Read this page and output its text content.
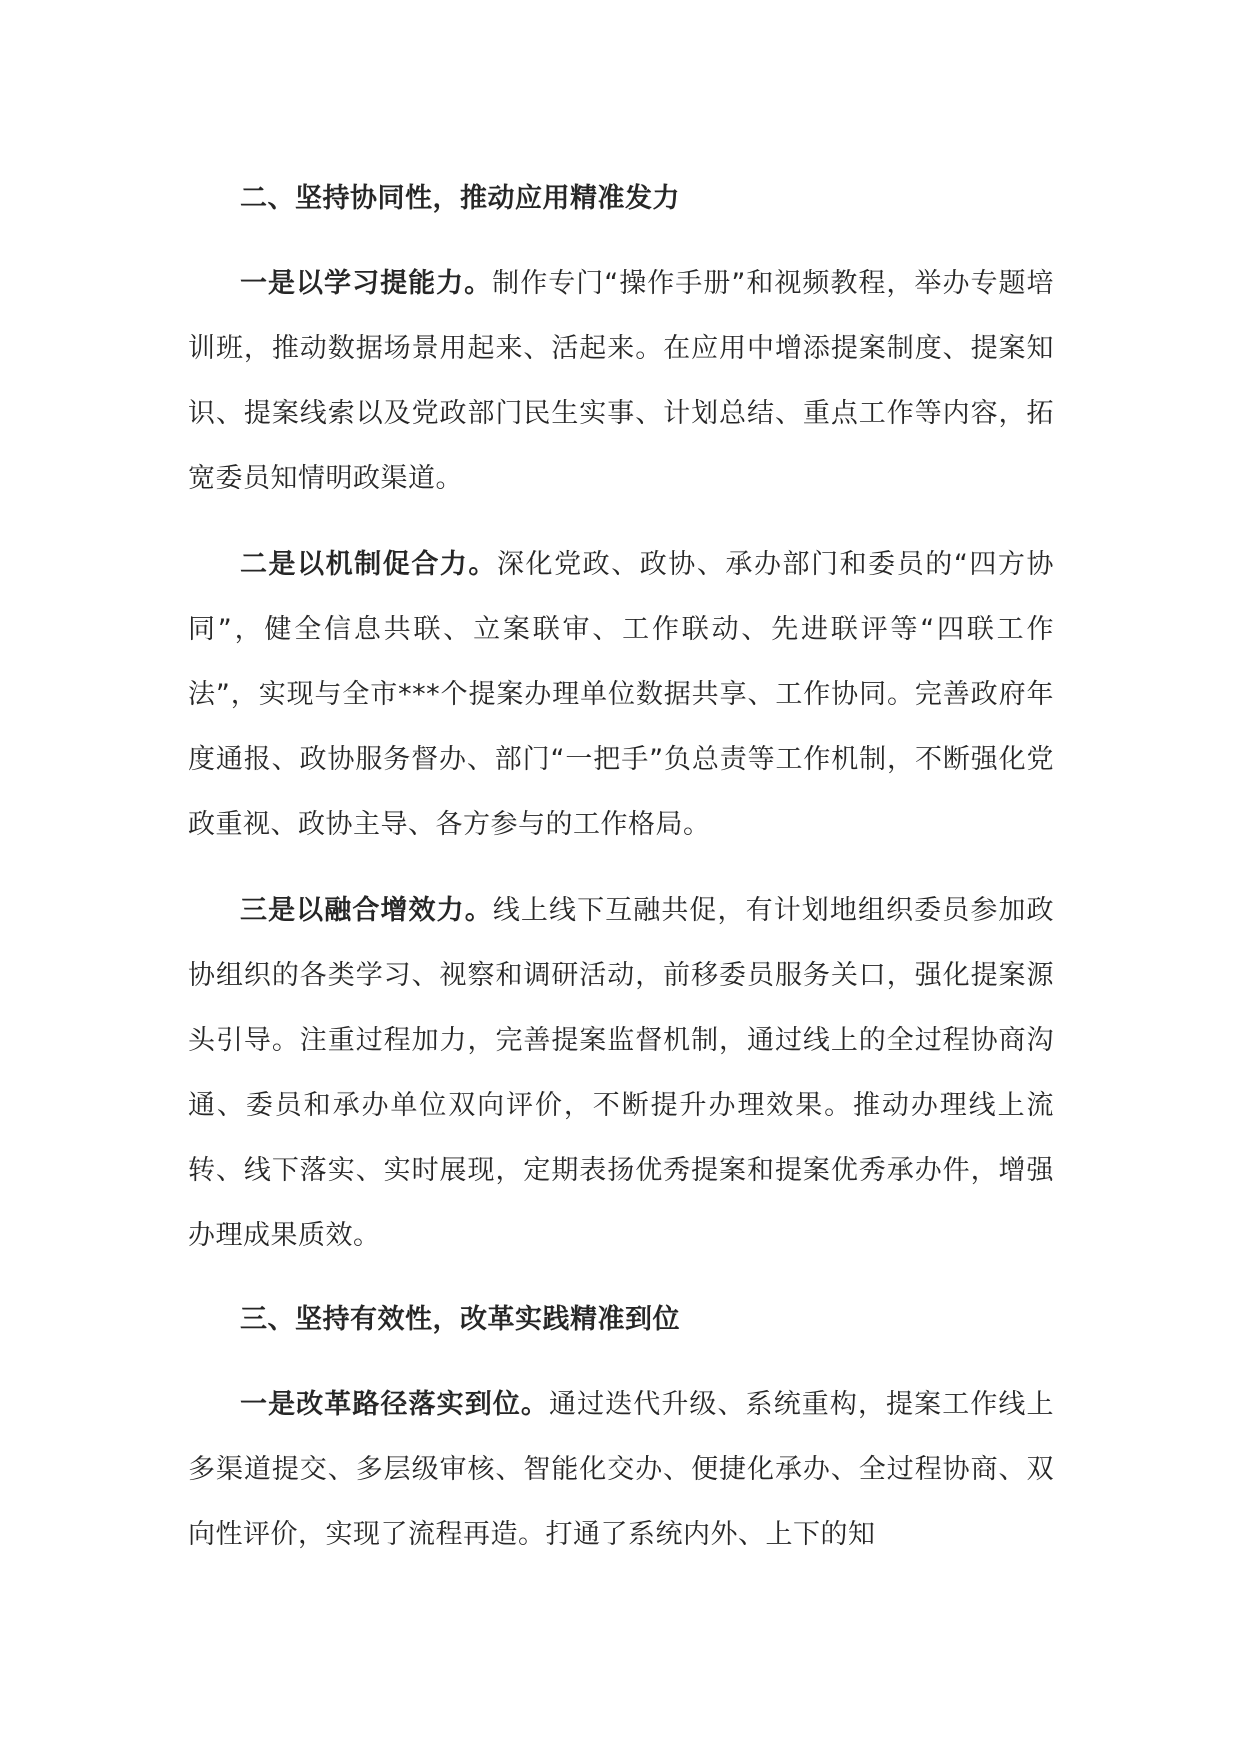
二、坚持协同性，推动应用精准发力

一是以学习提能力。制作专门“操作手册”和视频教程，举办专题培训班，推动数据场景用起来、活起来。在应用中增添提案制度、提案知识、提案线索以及党政部门民生实事、计划总结、重点工作等内容，拓宽委员知情明政渠道。

二是以机制促合力。深化党政、政协、承办部门和委员的“四方协同”，健全信息共联、立案联审、工作联动、先进联评等“四联工作法”，实现与全市***个提案办理单位数据共享、工作协同。完善政府年度通报、政协服务督办、部门“一把手”负总责等工作机制，不断强化党政重视、政协主导、各方参与的工作格局。

三是以融合增效力。线上线下互融共促，有计划地组织委员参加政协组织的各类学习、视察和调研活动，前移委员服务关口，强化提案源头引导。注重过程加力，完善提案监督机制，通过线上的全过程协商沟通、委员和承办单位双向评价，不断提升办理效果。推动办理线上流转、线下落实、实时展现，定期表扬优秀提案和提案优秀承办件，增强办理成果质效。

三、坚持有效性，改革实践精准到位

一是改革路径落实到位。通过迭代升级、系统重构，提案工作线上多渠道提交、多层级审核、智能化交办、便捷化承办、全过程协商、双向性评价，实现了流程再造。打通了系统内外、上下的知
